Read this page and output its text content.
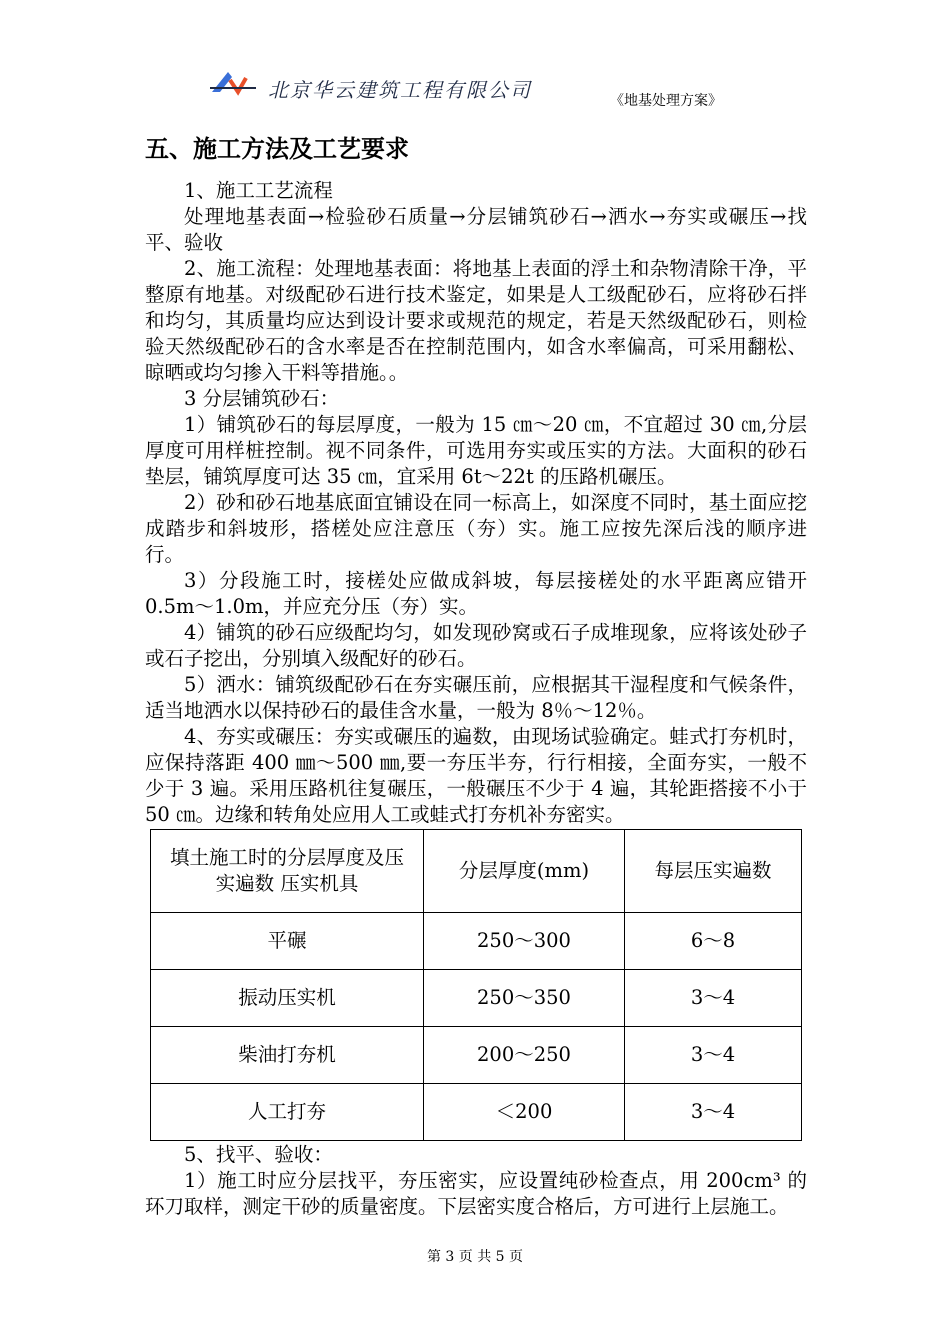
北京华云建筑工程有限公司	《地基处理方案》
五、施工方法及工艺要求

1、施工工艺流程

处理地基表面→检验砂石质量→分层铺筑砂石→洒水→夯实或碾压→找平、验收

2、施工流程：处理地基表面：将地基上表面的浮土和杂物清除干净，平整原有地基。对级配砂石进行技术鉴定，如果是人工级配砂石，应将砂石拌和均匀，其质量均应达到设计要求或规范的规定，若是天然级配砂石，则检验天然级配砂石的含水率是否在控制范围内，如含水率偏高，可采用翻松、晾晒或均匀掺入干料等措施。。

3 分层铺筑砂石：

1）铺筑砂石的每层厚度，一般为 15 ㎝～20 ㎝，不宜超过 30 ㎝,分层厚度可用样桩控制。视不同条件，可选用夯实或压实的方法。大面积的砂石垫层，铺筑厚度可达 35 ㎝，宜采用 6t～22t 的压路机碾压。

2）砂和砂石地基底面宜铺设在同一标高上，如深度不同时，基土面应挖成踏步和斜坡形，搭槎处应注意压（夯）实。施工应按先深后浅的顺序进行。

3）分段施工时，接槎处应做成斜坡，每层接槎处的水平距离应错开 0.5m～1.0m，并应充分压（夯）实。

4）铺筑的砂石应级配均匀，如发现砂窝或石子成堆现象，应将该处砂子或石子挖出，分别填入级配好的砂石。

5）洒水：铺筑级配砂石在夯实碾压前，应根据其干湿程度和气候条件，适当地洒水以保持砂石的最佳含水量，一般为 8％～12％。

4、夯实或碾压：夯实或碾压的遍数，由现场试验确定。蛙式打夯机时，应保持落距 400 ㎜～500 ㎜,要一夯压半夯，行行相接，全面夯实，一般不少于 3 遍。采用压路机往复碾压，一般碾压不少于 4 遍，其轮距搭接不小于 50 ㎝。边缘和转角处应用人工或蛙式打夯机补夯密实。

填土施工时的分层厚度及压实遍数 压实机具	分层厚度(mm)	每层压实遍数
平碾	250～300	6～8
振动压实机	250～350	3～4
柴油打夯机	200～250	3～4
人工打夯	＜200	3～4

5、找平、验收：

1）施工时应分层找平，夯压密实，应设置纯砂检查点，用 200cm³ 的环刀取样，测定干砂的质量密度。下层密实度合格后，方可进行上层施工。

第 3 页 共 5 页
